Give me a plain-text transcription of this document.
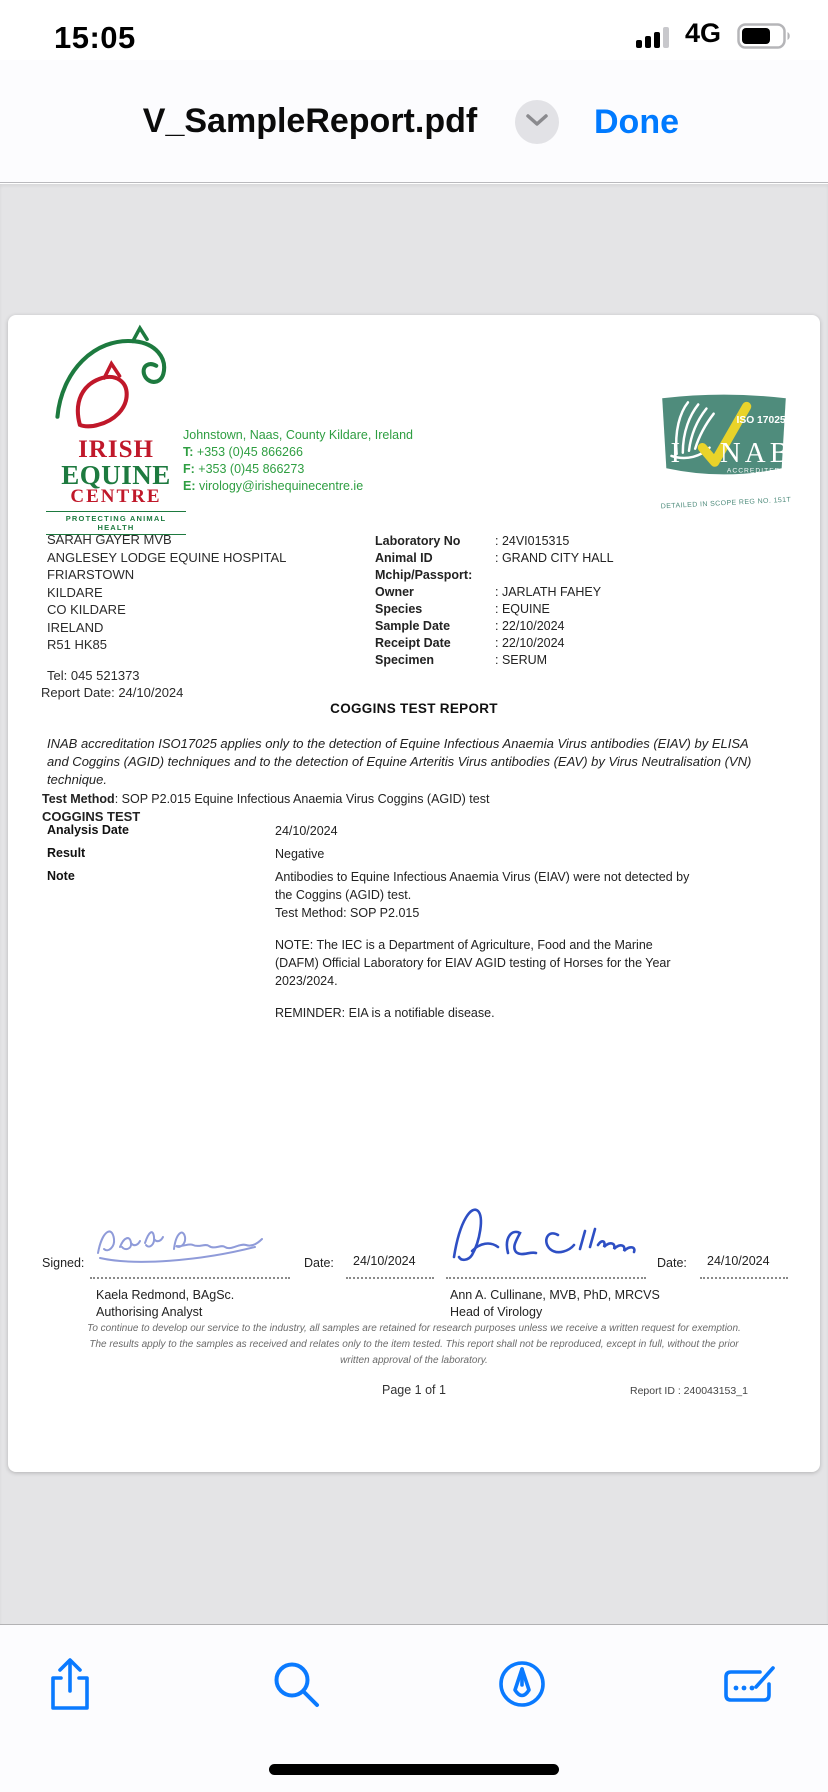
15:05	4G
V_SampleReport.pdf	Done
IRISH
EQUINE
CENTRE
PROTECTING ANIMAL HEALTH
Johnstown, Naas, County Kildare, Ireland
T: +353 (0)45 866266
F: +353 (0)45 866273
E: virology@irishequinecentre.ie
ISO 17025
I NAB
ACCREDITED
TESTING
DETAILED IN SCOPE REG NO. 151T
SARAH GAYER MVB
ANGLESEY LODGE EQUINE HOSPITAL
FRIARSTOWN
KILDARE
CO KILDARE
IRELAND
R51 HK85
Tel: 045 521373
Report Date: 24/10/2024
Laboratory No	: 24VI015315
Animal ID	: GRAND CITY HALL
Mchip/Passport:
Owner	: JARLATH FAHEY
Species	: EQUINE
Sample Date	: 22/10/2024
Receipt Date	: 22/10/2024
Specimen	: SERUM
COGGINS TEST REPORT
INAB accreditation ISO17025 applies only to the detection of Equine Infectious Anaemia Virus antibodies (EIAV) by ELISA
and Coggins (AGID) techniques and to the detection of Equine Arteritis Virus antibodies (EAV) by Virus Neutralisation (VN)
technique.
Test Method: SOP P2.015 Equine Infectious Anaemia Virus Coggins (AGID) test
COGGINS TEST
Analysis Date	24/10/2024
Result	Negative
Note	Antibodies to Equine Infectious Anaemia Virus (EIAV) were not detected by
the Coggins (AGID) test.
Test Method: SOP P2.015
NOTE: The IEC is a Department of Agriculture, Food and the Marine
(DAFM) Official Laboratory for EIAV AGID testing of Horses for the Year
2023/2024.
REMINDER: EIA is a notifiable disease.
Signed:	Date: 24/10/2024	Date: 24/10/2024
Kaela Redmond, BAgSc.
Authorising Analyst
Ann A. Cullinane, MVB, PhD, MRCVS
Head of Virology
To continue to develop our service to the industry, all samples are retained for research purposes unless we receive a written request for exemption.
The results apply to the samples as received and relates only to the item tested. This report shall not be reproduced, except in full, without the prior
written approval of the laboratory.
Page 1 of 1	Report ID : 240043153_1
